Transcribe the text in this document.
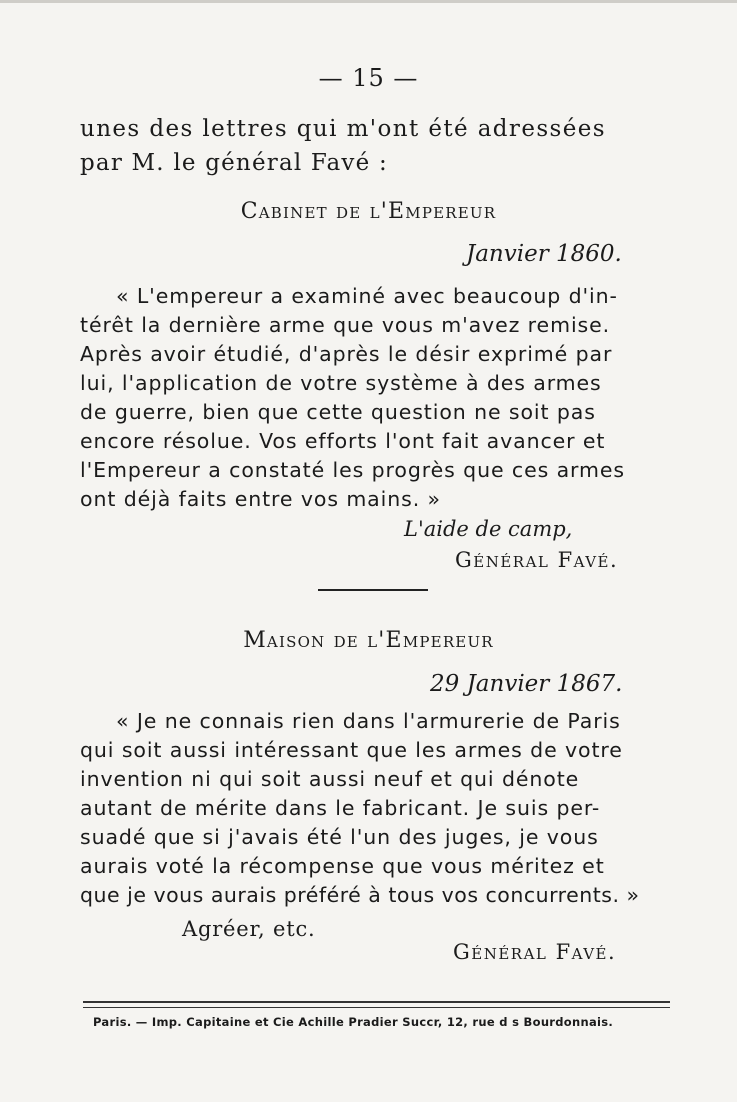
— 15 —
unes des lettres qui m'ont été adressées
par M. le général Favé :
Cabinet de l'Empereur
Janvier 1860.
« L'empereur a examiné avec beaucoup d'in-
térêt la dernière arme que vous m'avez remise.
Après avoir étudié, d'après le désir exprimé par
lui, l'application de votre système à des armes
de guerre, bien que cette question ne soit pas
encore résolue. Vos efforts l'ont fait avancer et
l'Empereur a constaté les progrès que ces armes
ont déjà faits entre vos mains. »
L'aide de camp,
Général Favé.
Maison de l'Empereur
29 Janvier 1867.
« Je ne connais rien dans l'armurerie de Paris
qui soit aussi intéressant que les armes de votre
invention ni qui soit aussi neuf et qui dénote
autant de mérite dans le fabricant. Je suis per-
suadé que si j'avais été l'un des juges, je vous
aurais voté la récompense que vous méritez et
que je vous aurais préféré à tous vos concurrents. »
Agréer, etc.
Général Favé.
Paris. — Imp. Capitaine et Cie Achille Pradier Succr, 12, rue d s Bourdonnais.
